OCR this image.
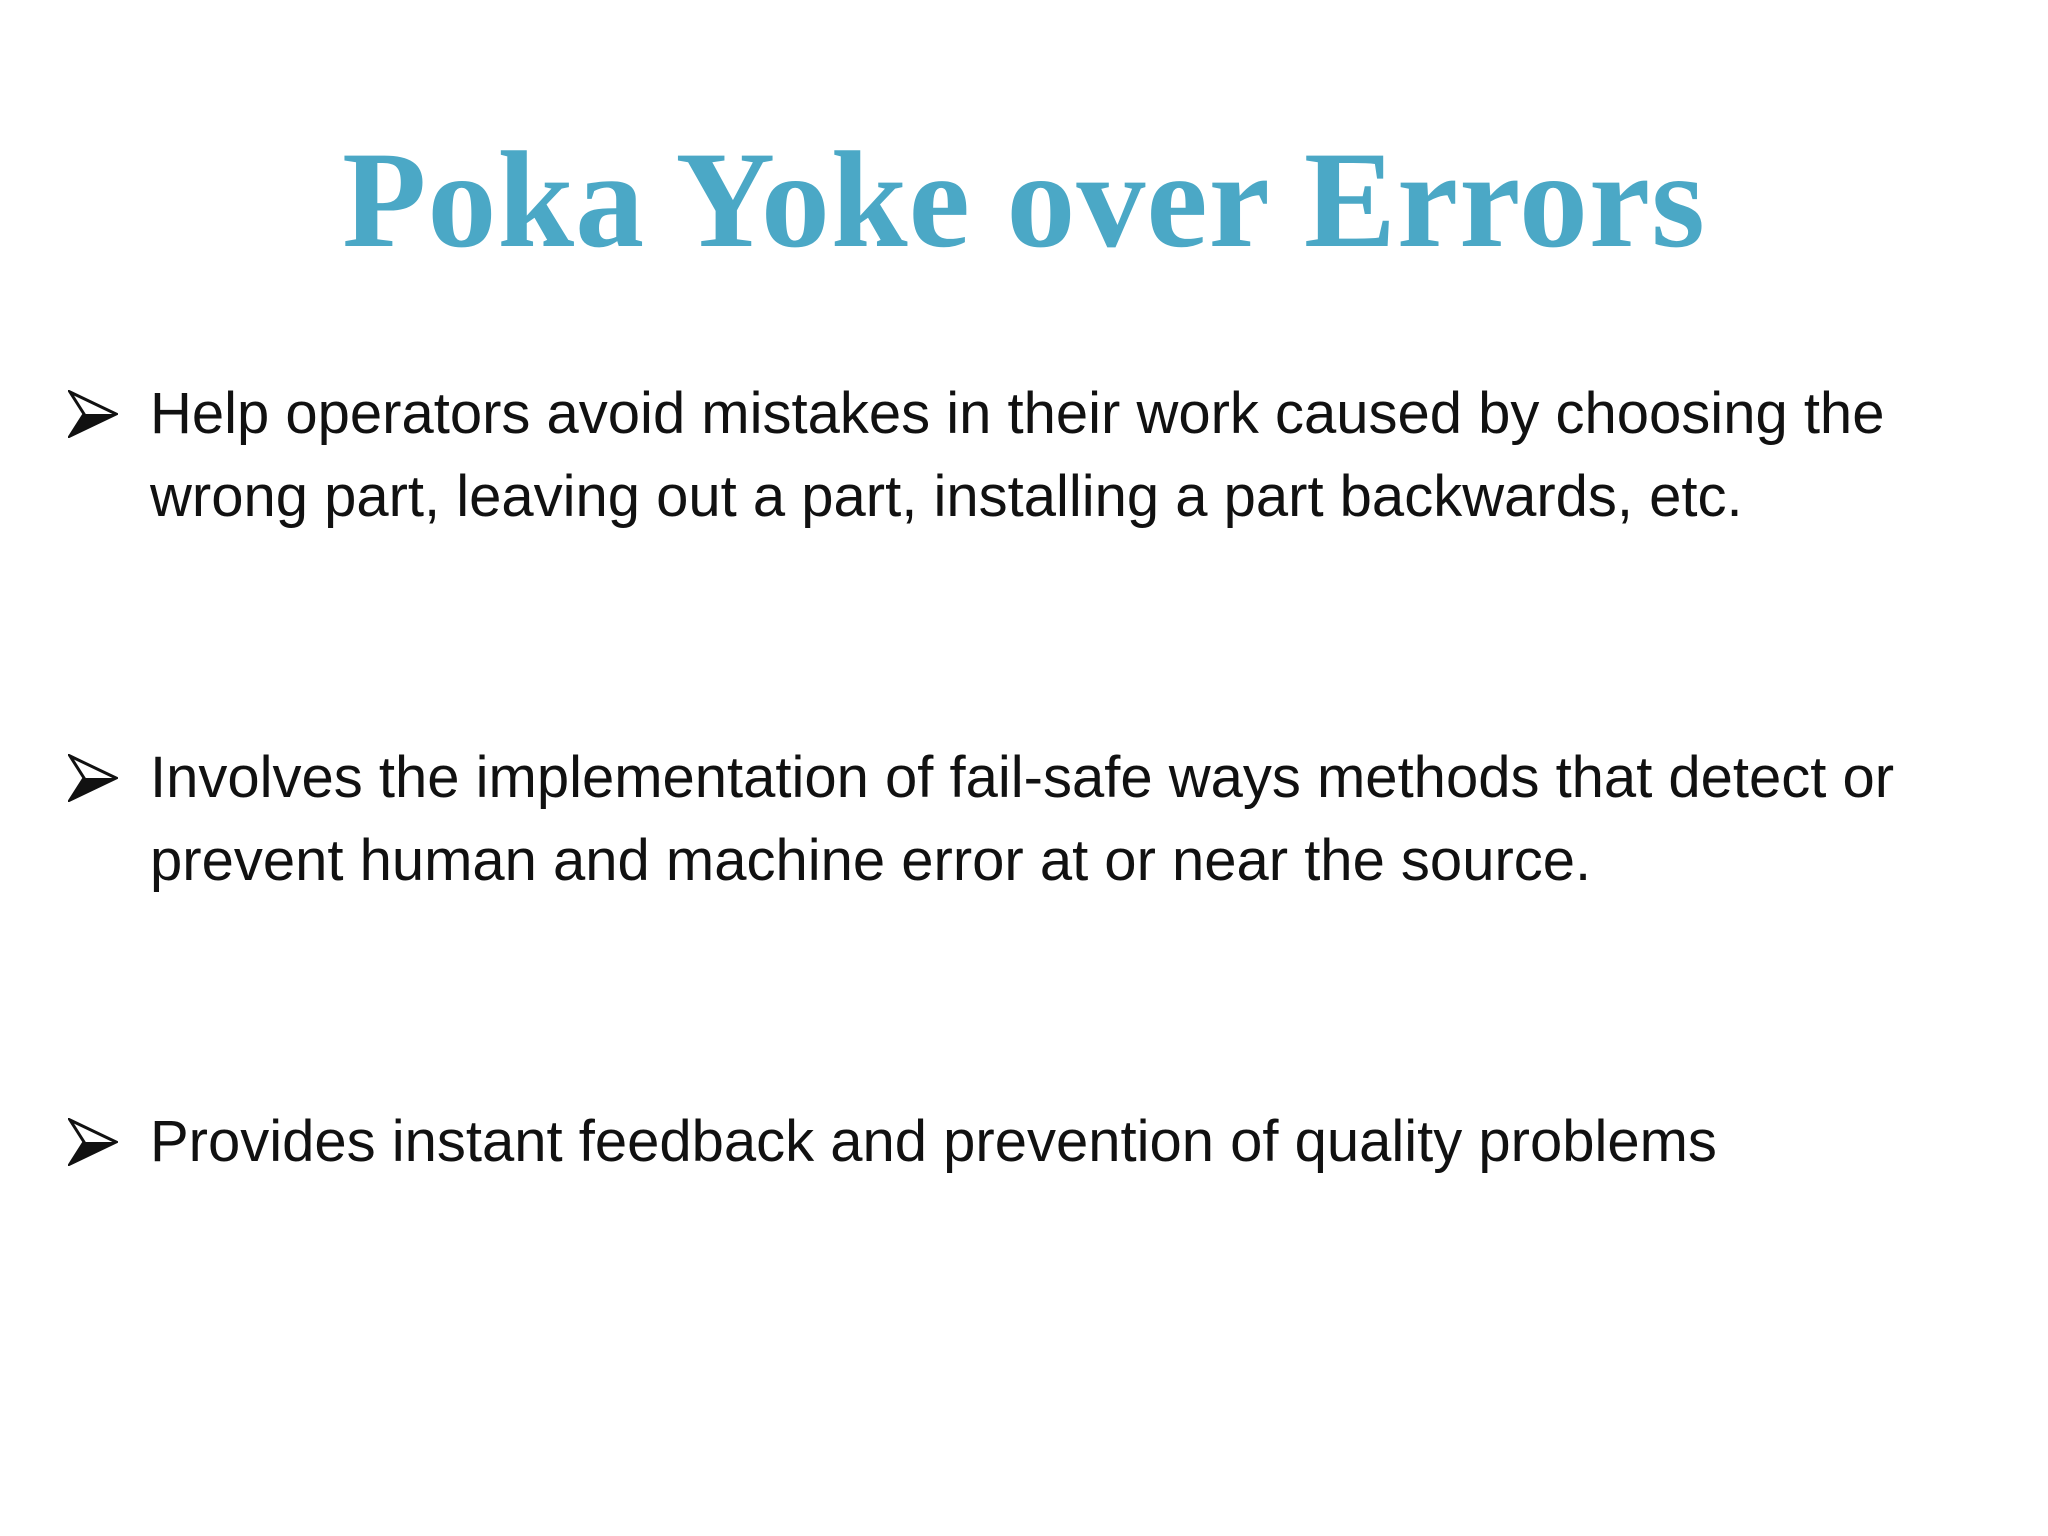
Poka Yoke over Errors
Help operators avoid mistakes in their work caused by choosing the wrong part, leaving out a part, installing a part backwards, etc.
Involves the implementation of fail-safe ways methods that detect or prevent human and machine error at or near the source.
Provides instant feedback and prevention of quality problems
